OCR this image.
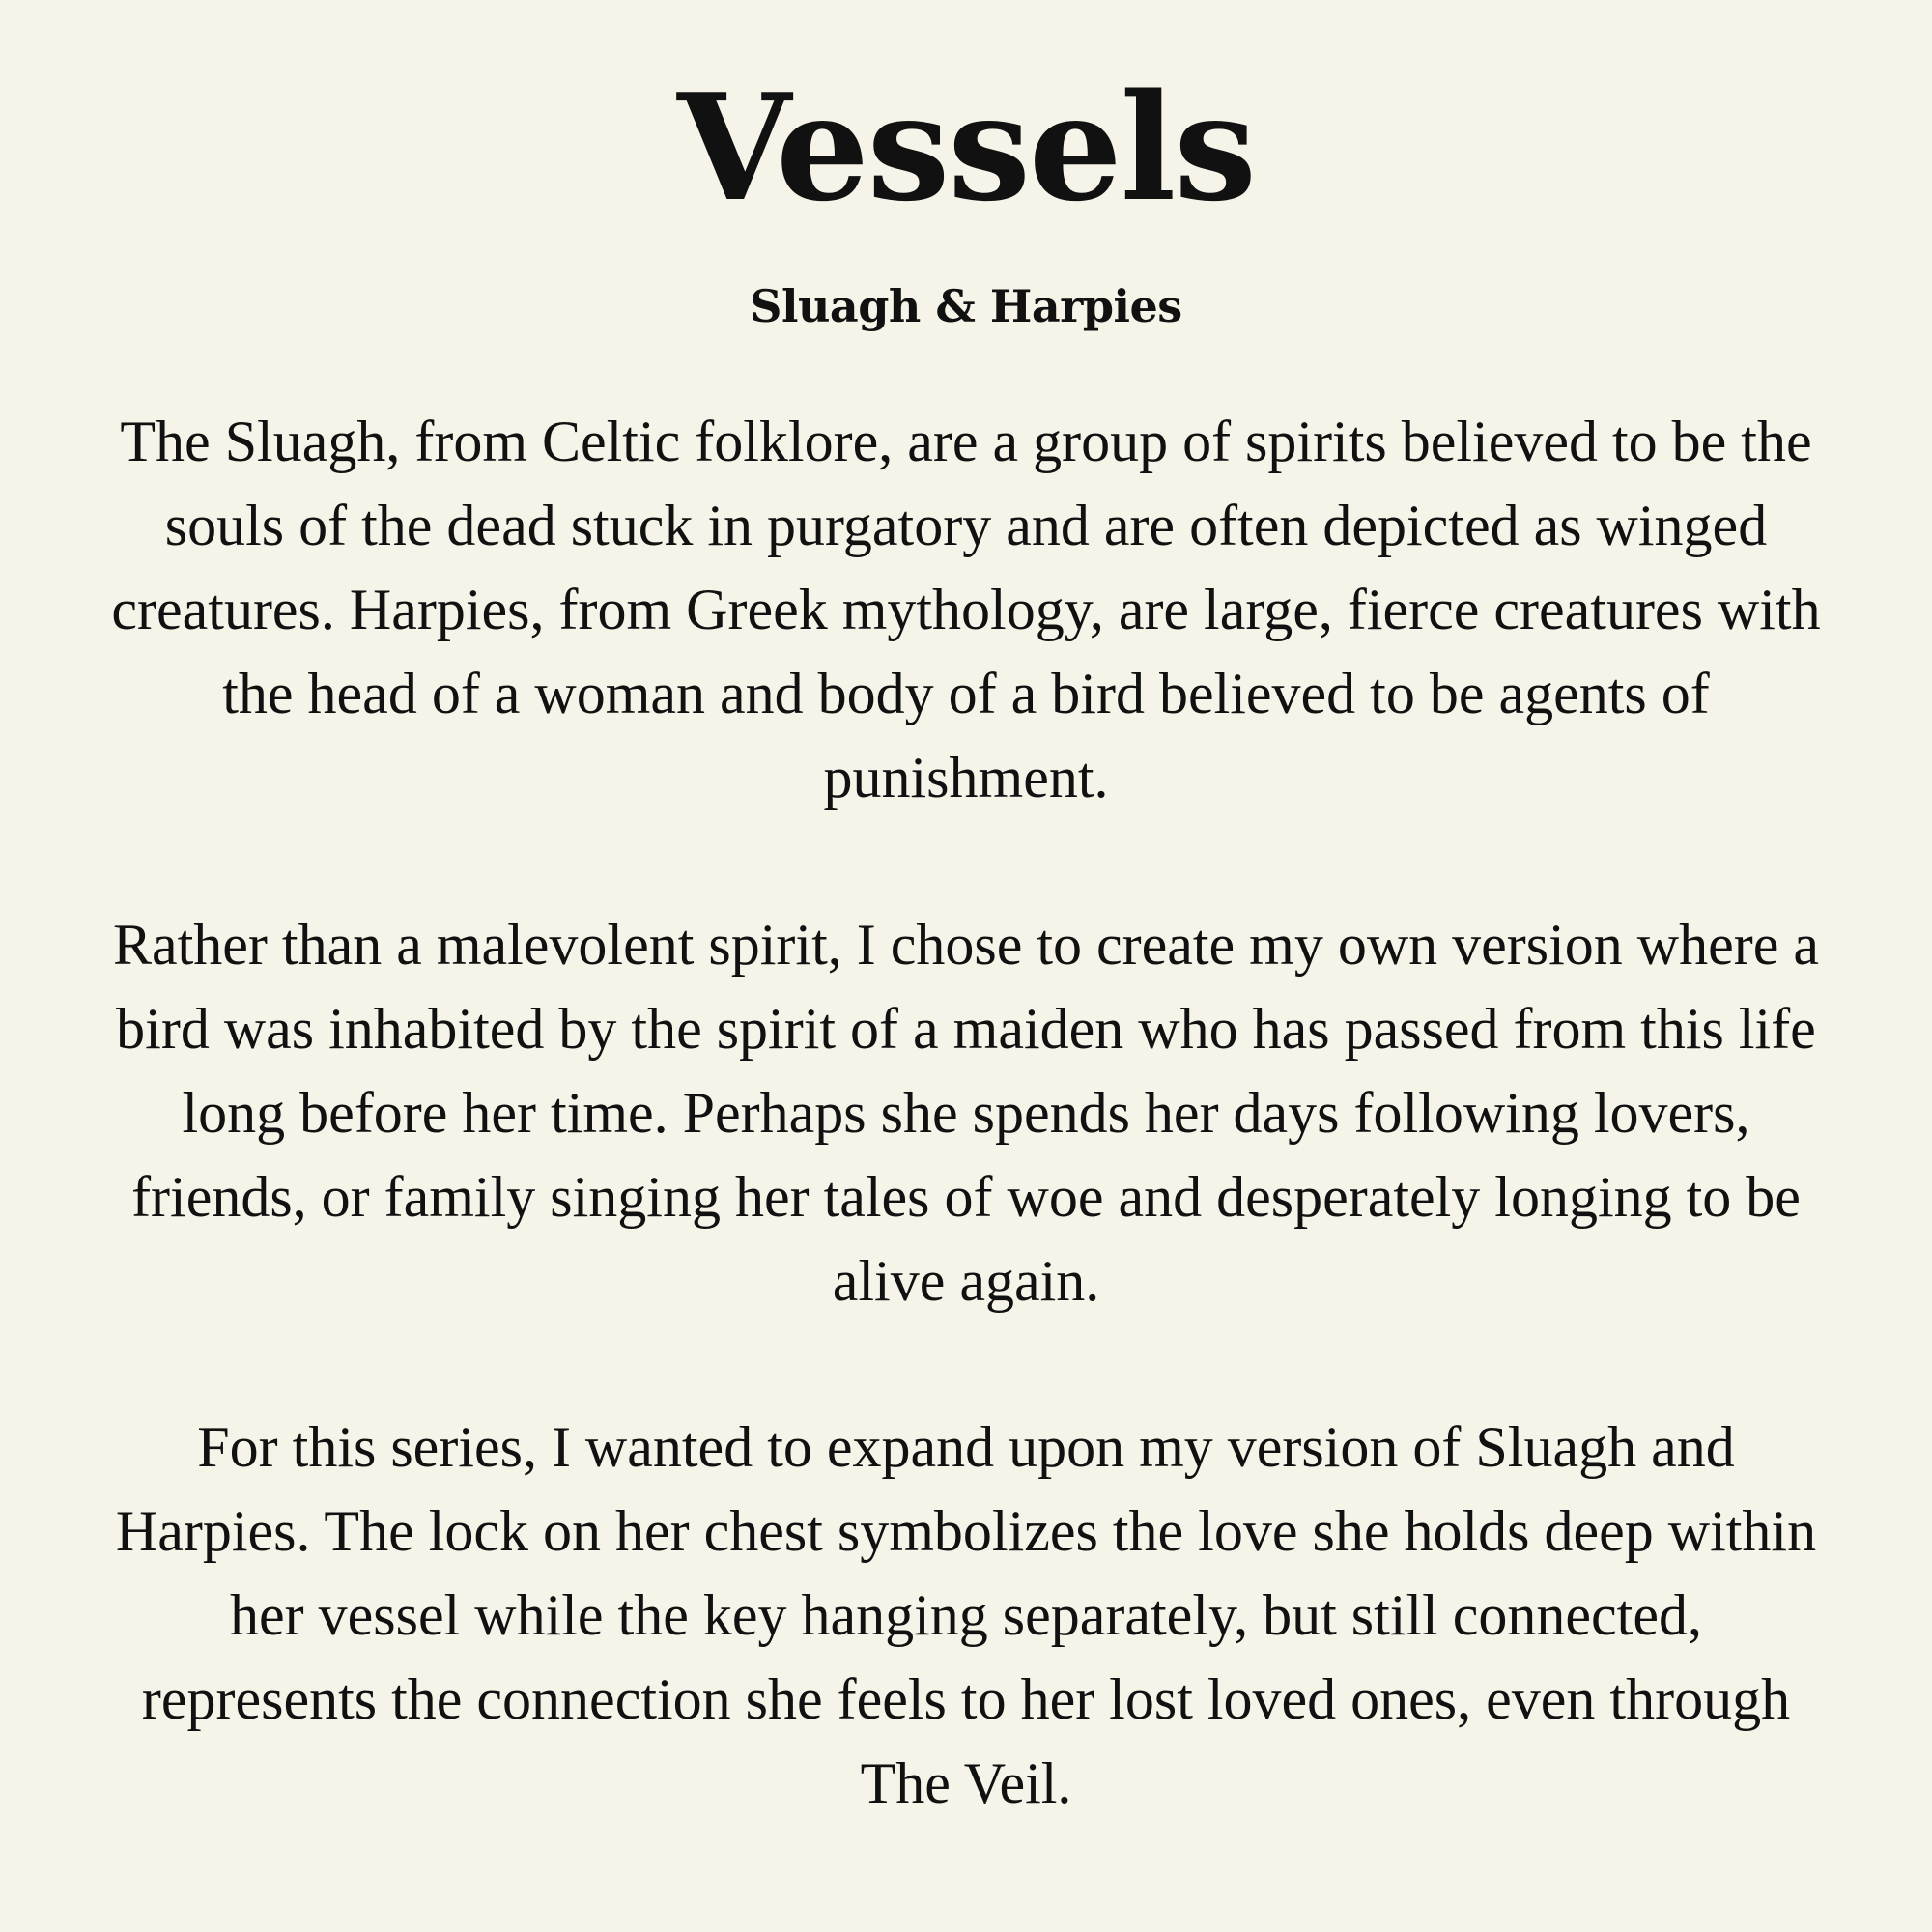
Vessels
Sluagh & Harpies

The Sluagh, from Celtic folklore, are a group of spirits believed to be the souls of the dead stuck in purgatory and are often depicted as winged creatures. Harpies, from Greek mythology, are large, fierce creatures with the head of a woman and body of a bird believed to be agents of punishment.

Rather than a malevolent spirit, I chose to create my own version where a bird was inhabited by the spirit of a maiden who has passed from this life long before her time. Perhaps she spends her days following lovers, friends, or family singing her tales of woe and desperately longing to be alive again.

For this series, I wanted to expand upon my version of Sluagh and Harpies. The lock on her chest symbolizes the love she holds deep within her vessel while the key hanging separately, but still connected, represents the connection she feels to her lost loved ones, even through The Veil.
